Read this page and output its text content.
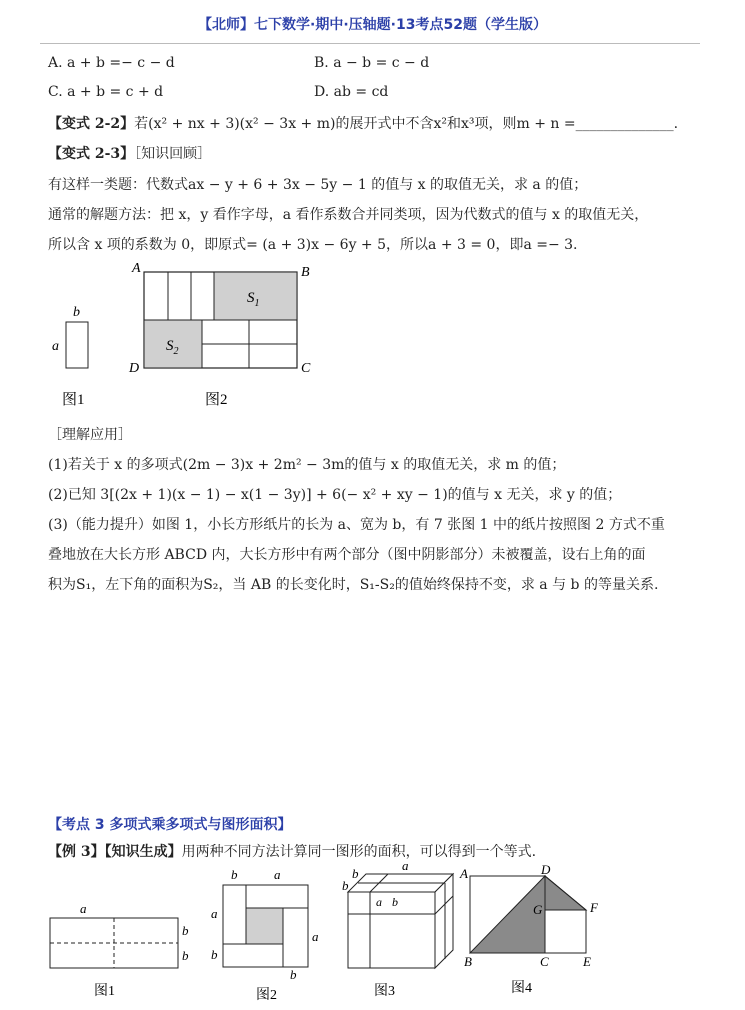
【北师】七下数学·期中·压轴题·13考点52题（学生版）
A. a + b =− c − d	B. a − b = c − d
C. a + b = c + d	D. ab = cd
【变式 2-2】若(x² + nx + 3)(x² − 3x + m)的展开式中不含x²和x³项，则m + n =______________.
【变式 2-3】［知识回顾］
有这样一类题：代数式ax − y + 6 + 3x − 5y − 1 的值与 x 的取值无关，求 a 的值；
通常的解题方法：把 x，y 看作字母，a 看作系数合并同类项，因为代数式的值与 x 的取值无关，
所以含 x 项的系数为 0，即原式= (a + 3)x − 6y + 5，所以a + 3 = 0，即a =− 3.
b
a
图1
A	B
C
D
$S_1$
$S_2$
图2
［理解应用］
(1)若关于 x 的多项式(2m − 3)x + 2m² − 3m的值与 x 的取值无关，求 m 的值；
(2)已知 3[(2x + 1)(x − 1) − x(1 − 3y)] + 6(− x² + xy − 1)的值与 x 无关，求 y 的值；
(3)（能力提升）如图 1，小长方形纸片的长为 a、宽为 b，有 7 张图 1 中的纸片按照图 2 方式不重
叠地放在大长方形 ABCD 内，大长方形中有两个部分（图中阴影部分）未被覆盖，设右上角的面
积为S₁，左下角的面积为S₂，当 AB 的长变化时，S₁-S₂的值始终保持不变，求 a 与 b 的等量关系.
【考点 3 多项式乘多项式与图形面积】
【例 3】【知识生成】用两种不同方法计算同一图形的面积，可以得到一个等式.
a
b
b
图1
b	a
a
b
a
b
图2
a
b
b
a b
图3
A	D
G	F
B	C	E
图4
